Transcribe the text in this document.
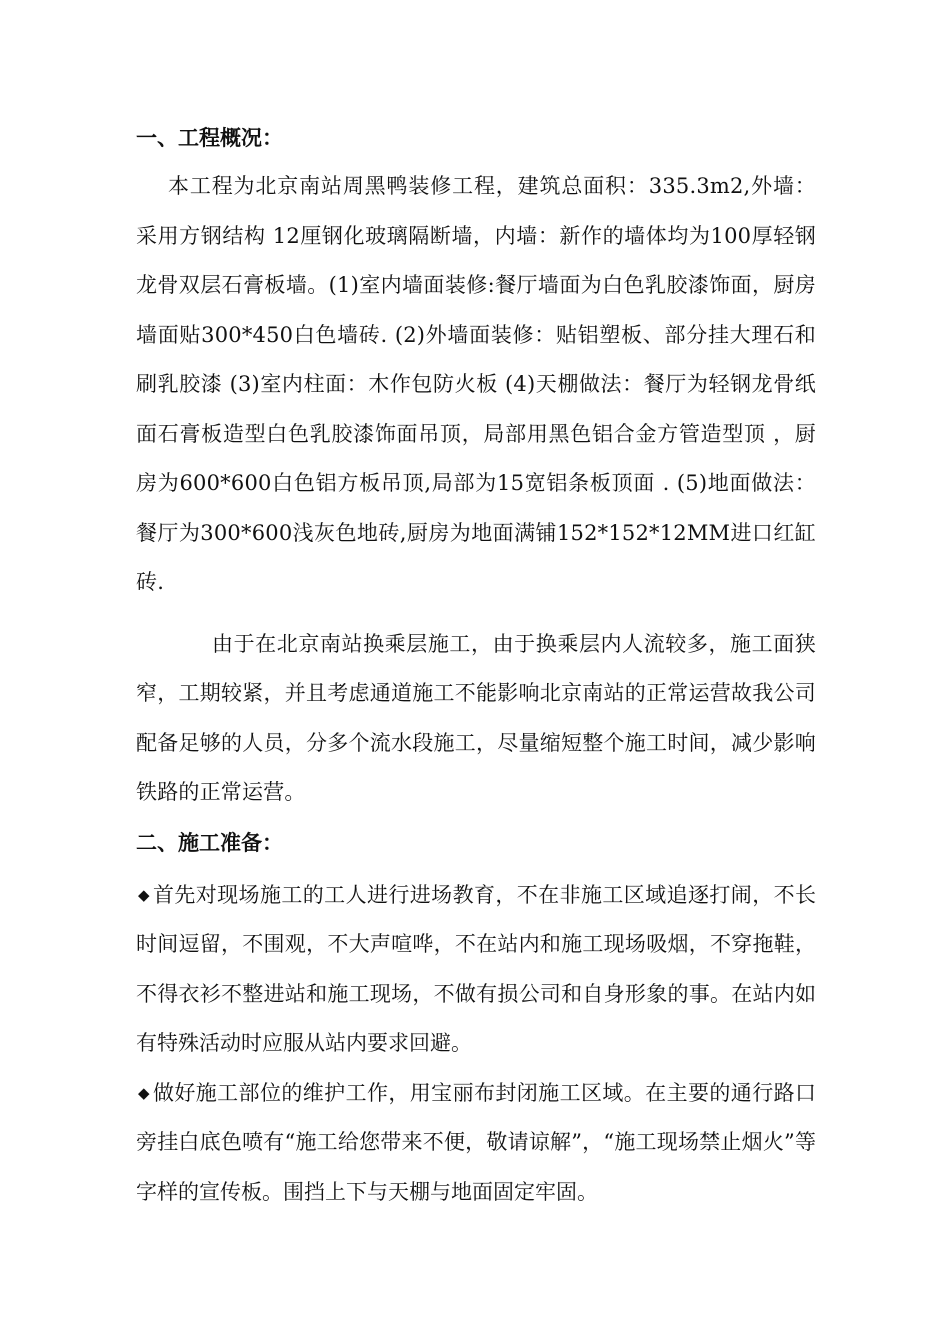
一、工程概况：

本工程为北京南站周黑鸭装修工程，建筑总面积：335.3m2,外墙：采用方钢结构 12厘钢化玻璃隔断墙，内墙：新作的墙体均为100厚轻钢龙骨双层石膏板墙。(1)室内墙面装修:餐厅墙面为白色乳胶漆饰面，厨房墙面贴300*450白色墙砖. (2)外墙面装修：贴铝塑板、部分挂大理石和刷乳胶漆 (3)室内柱面：木作包防火板 (4)天棚做法：餐厅为轻钢龙骨纸面石膏板造型白色乳胶漆饰面吊顶，局部用黑色铝合金方管造型顶 ，厨房为600*600白色铝方板吊顶,局部为15宽铝条板顶面 . (5)地面做法：餐厅为300*600浅灰色地砖,厨房为地面满铺152*152*12MM进口红缸砖.

由于在北京南站换乘层施工，由于换乘层内人流较多，施工面狭窄，工期较紧，并且考虑通道施工不能影响北京南站的正常运营故我公司配备足够的人员，分多个流水段施工，尽量缩短整个施工时间，减少影响铁路的正常运营。

二、施工准备：

◆ 首先对现场施工的工人进行进场教育，不在非施工区域追逐打闹，不长时间逗留，不围观，不大声喧哗，不在站内和施工现场吸烟，不穿拖鞋，不得衣衫不整进站和施工现场，不做有损公司和自身形象的事。在站内如有特殊活动时应服从站内要求回避。

◆ 做好施工部位的维护工作，用宝丽布封闭施工区域。在主要的通行路口旁挂白底色喷有“施工给您带来不便，敬请谅解”，“施工现场禁止烟火”等字样的宣传板。围挡上下与天棚与地面固定牢固。
